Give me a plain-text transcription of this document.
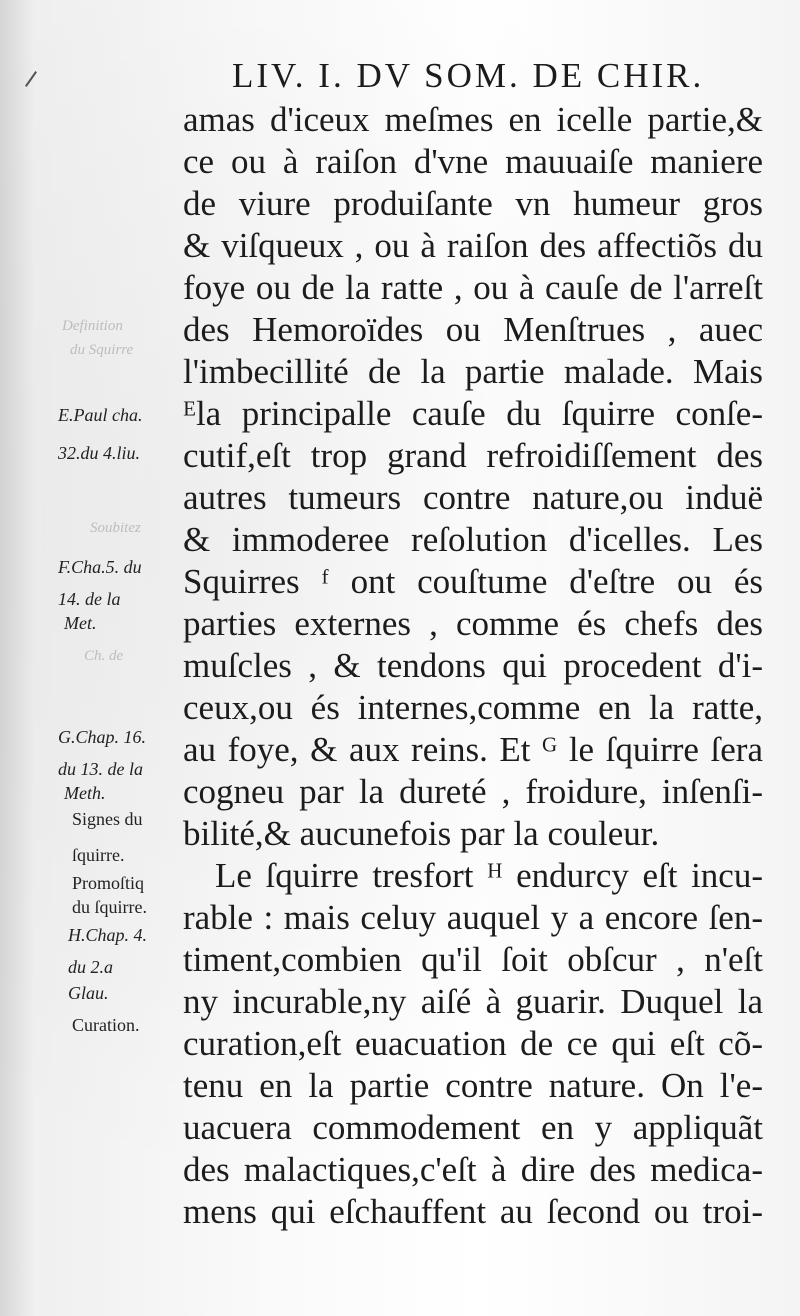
Definition
du Squirre
Soubitez
Ch. de
LIV. I. DV SOM. DE CHIR.
amas d'iceux meſmes en icelle partie,&
ce ou à raiſon d'vne mauuaiſe maniere
de viure produiſante vn humeur gros
& viſqueux , ou à raiſon des affectiõs du
foye ou de la ratte , ou à cauſe de l'arreſt
des Hemoroïdes ou Menſtrues , auec
l'imbecillité de la partie malade. Mais
ᴱla principalle cauſe du ſquirre conſe-
cutif,eſt trop grand refroidiſſement des
autres tumeurs contre nature,ou induë
& immoderee reſolution d'icelles. Les
Squirres ᶠ ont couſtume d'eſtre ou és
parties externes , comme és chefs des
muſcles , & tendons qui procedent d'i-
ceux,ou és internes,comme en la ratte,
au foye, & aux reins. Et ᴳ le ſquirre ſera
cogneu par la dureté , froidure, inſenſi-
bilité,& aucunefois par la couleur.
Le ſquirre tresfort ᴴ endurcy eſt incu-
rable : mais celuy auquel y a encore ſen-
timent,combien qu'il ſoit obſcur , n'eſt
ny incurable,ny aiſé à guarir. Duquel la
curation,eſt euacuation de ce qui eſt cõ-
tenu en la partie contre nature. On l'e-
uacuera commodement en y appliquãt
des malactiques,c'eſt à dire des medica-
mens qui eſchauffent au ſecond ou troi-
E.Paul cha.
32.du 4.liu.
F.Cha.5. du
14. de la
Met.
G.Chap. 16.
du 13. de la
Meth.
Signes du
ſquirre.
Promoſtiq
du ſquirre.
H.Chap. 4.
du 2.a
Glau.
Curation.
